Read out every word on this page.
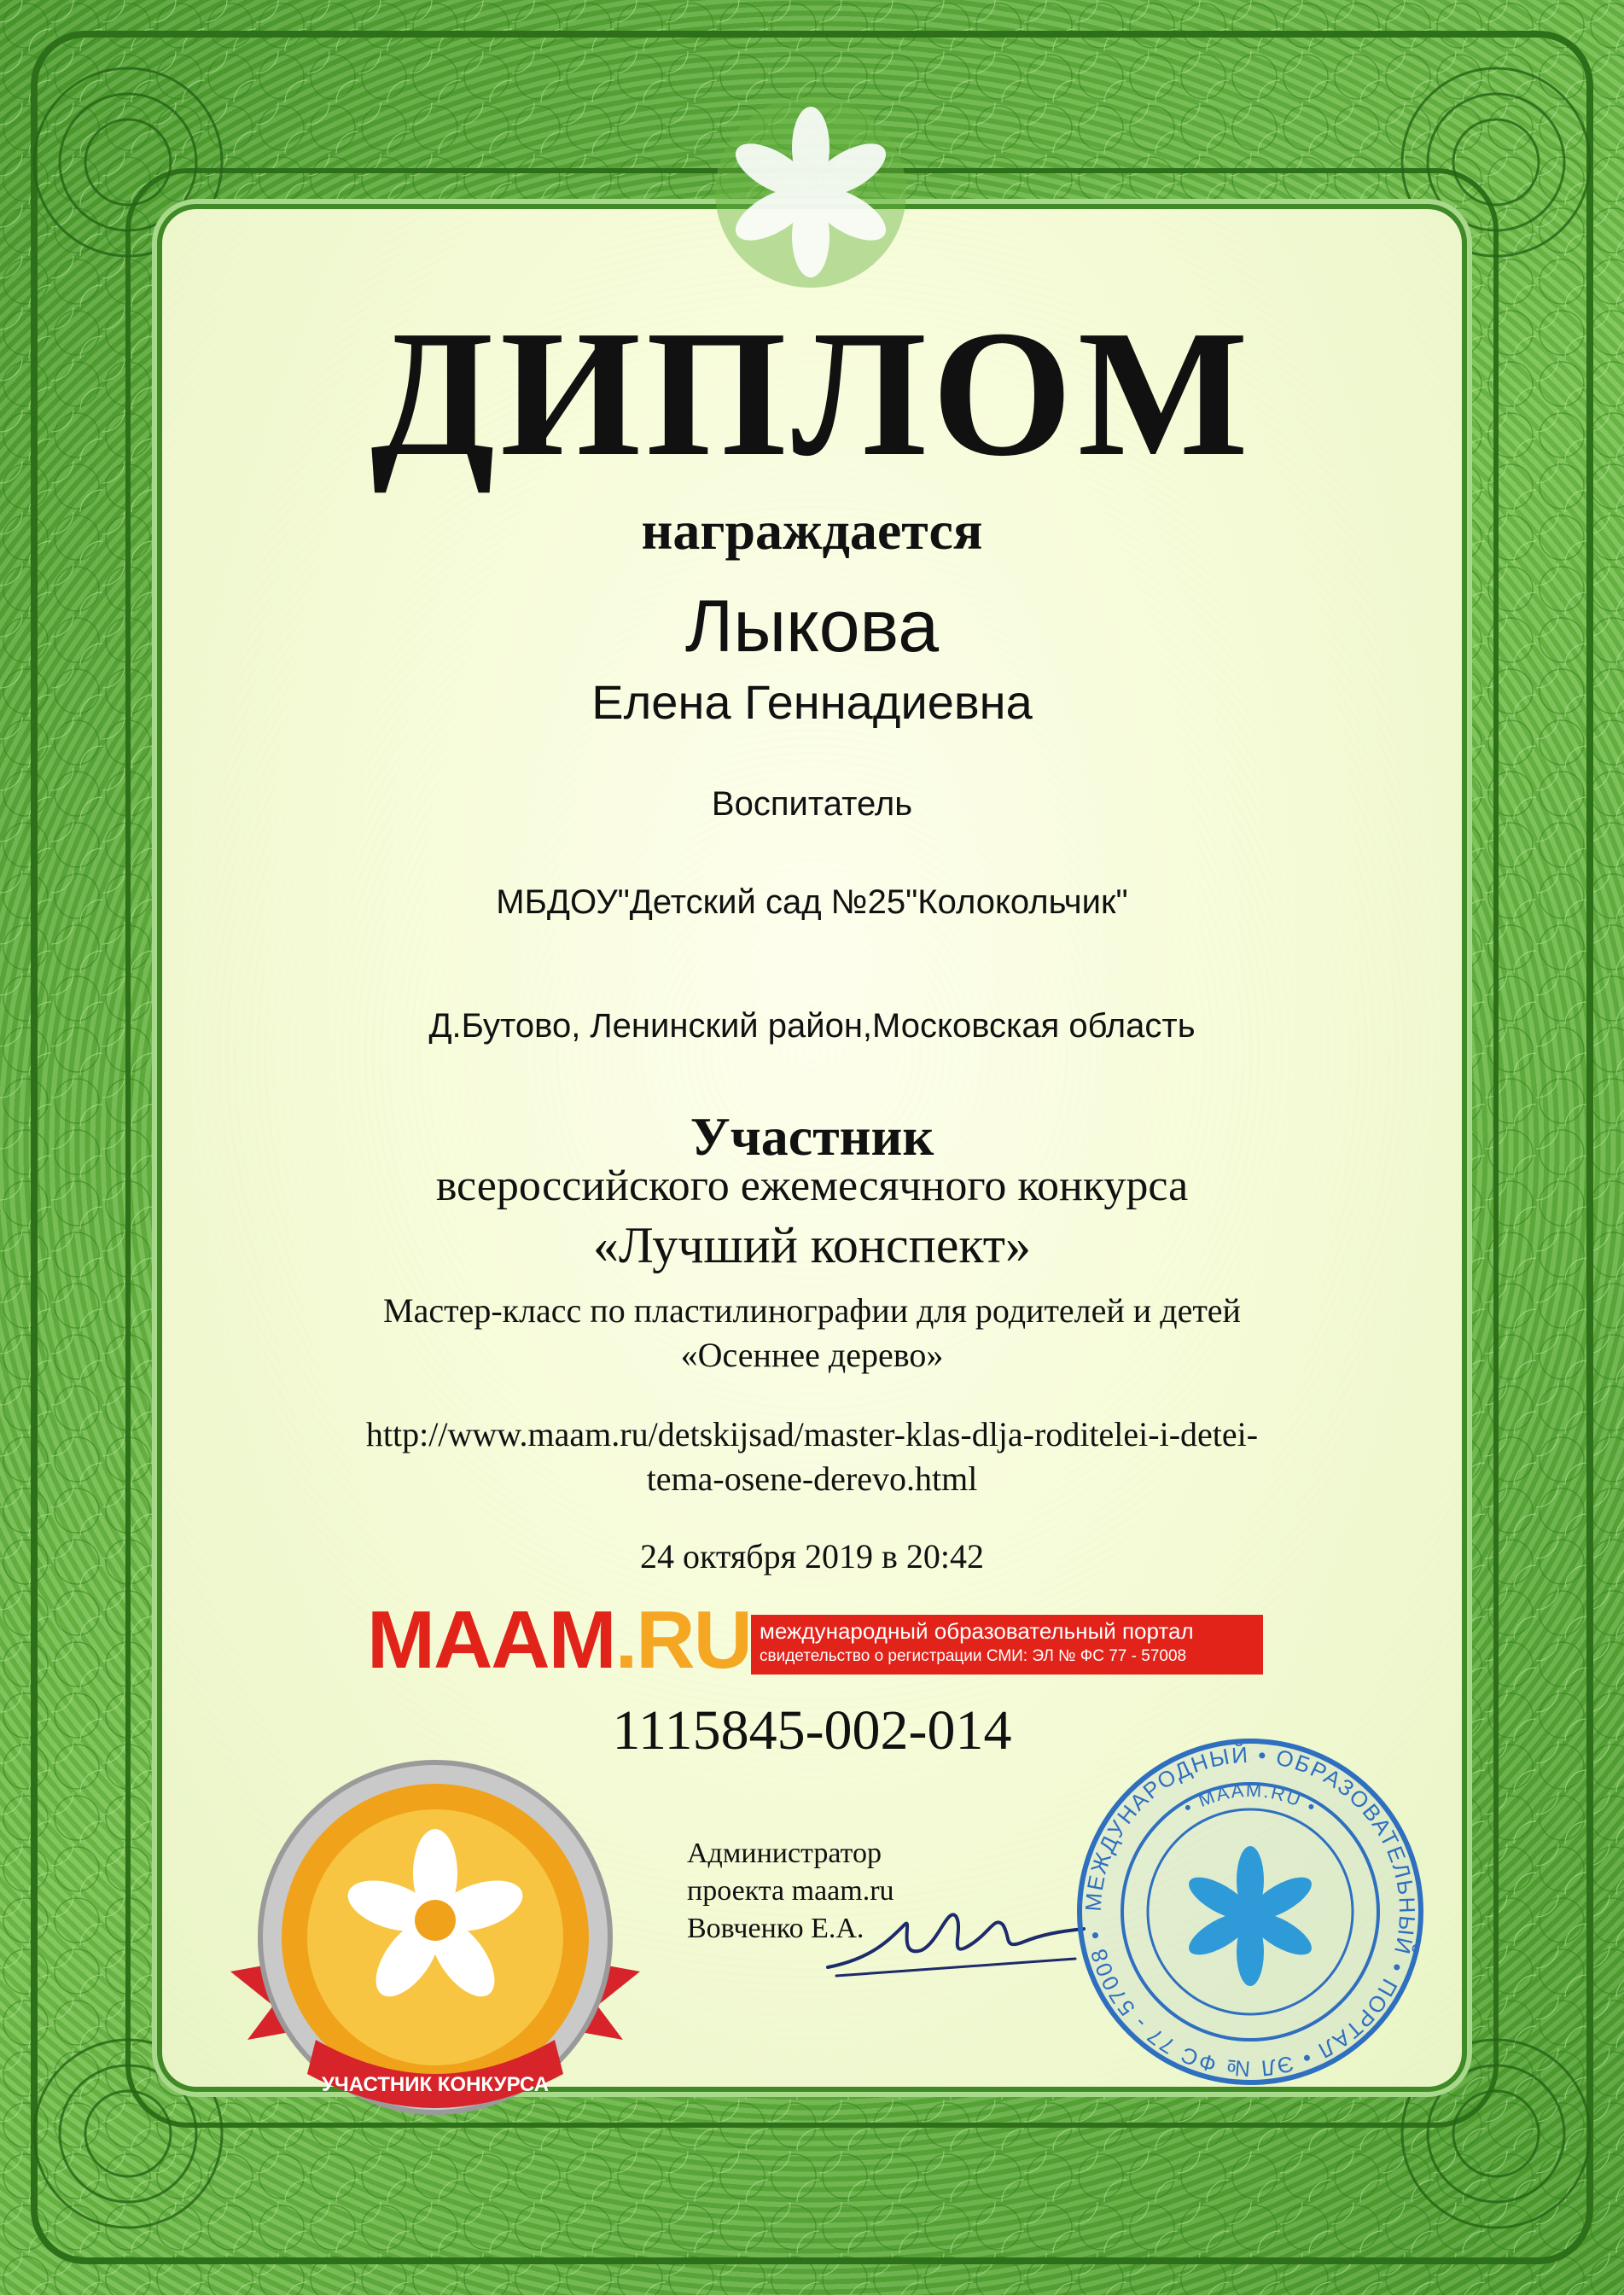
ДИПЛОМ
награждается
Лыкова
Елена Геннадиевна
Воспитатель
МБДОУ"Детский сад №25"Колокольчик"
Д.Бутово, Ленинский район,Московская область
Участник
всероссийского ежемесячного конкурса
«Лучший конспект»
Мастер-класс по пластилинографии для родителей и детей
«Осеннее дерево»
http://www.maam.ru/detskijsad/master-klas-dlja-roditelei-i-detei-
tema-osene-derevo.html
24 октября 2019 в 20:42
MAAM.RU международный образовательный портал
свидетельство о регистрации СМИ: ЭЛ № ФС 77 - 57008
1115845-002-014
УЧАСТНИК КОНКУРСА
Администратор
проекта maam.ru
Вовченко Е.А.
МЕЖДУНАРОДНЫЙ • ОБРАЗОВАТЕЛЬНЫЙ • ПОРТАЛ • ЭЛ № ФС 77 - 57008 •
• MAAM.RU •
